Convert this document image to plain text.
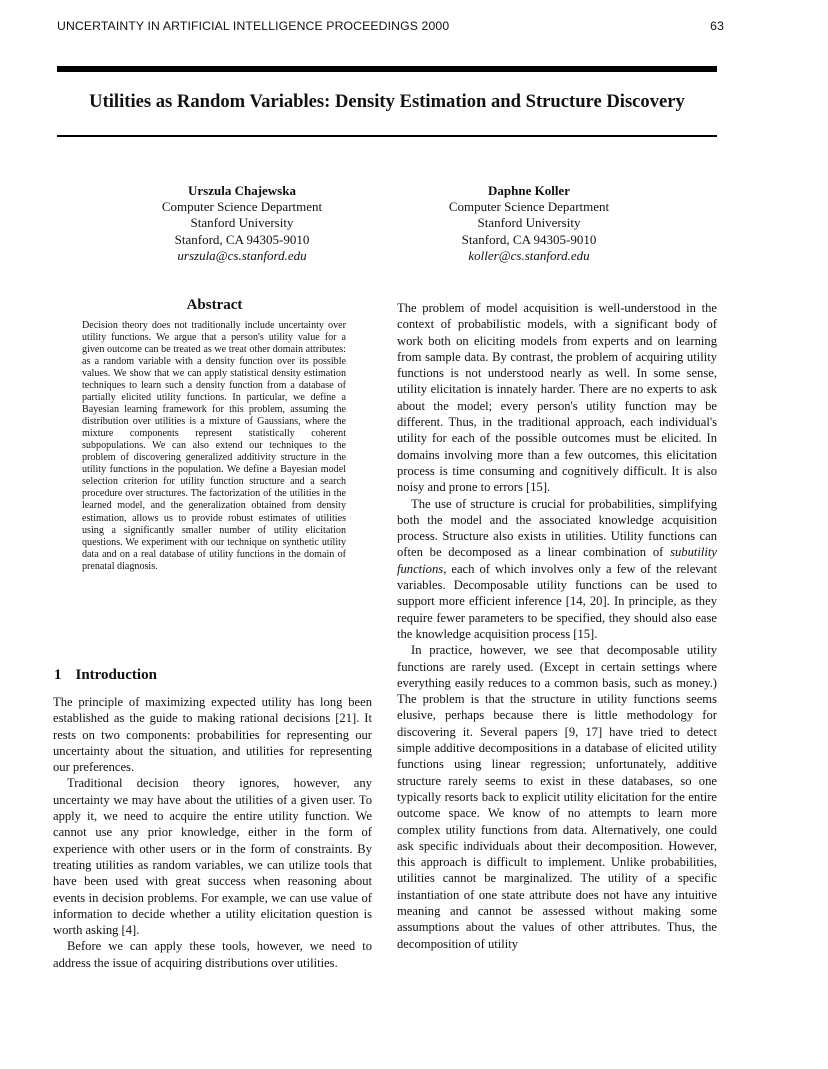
UNCERTAINTY IN ARTIFICIAL INTELLIGENCE PROCEEDINGS 2000	63
Utilities as Random Variables: Density Estimation and Structure Discovery
Urszula Chajewska
Computer Science Department
Stanford University
Stanford, CA 94305-9010
urszula@cs.stanford.edu
Daphne Koller
Computer Science Department
Stanford University
Stanford, CA 94305-9010
koller@cs.stanford.edu
Abstract

Decision theory does not traditionally include uncertainty over utility functions. We argue that a person's utility value for a given outcome can be treated as we treat other domain attributes: as a random variable with a density function over its possible values. We show that we can apply statistical density estimation techniques to learn such a density function from a database of partially elicited utility functions. In particular, we define a Bayesian learning framework for this problem, assuming the distribution over utilities is a mixture of Gaussians, where the mixture components represent statistically coherent subpopulations. We can also extend our techniques to the problem of discovering generalized additivity structure in the utility functions in the population. We define a Bayesian model selection criterion for utility function structure and a search procedure over structures. The factorization of the utilities in the learned model, and the generalization obtained from density estimation, allows us to provide robust estimates of utilities using a significantly smaller number of utility elicitation questions. We experiment with our technique on synthetic utility data and on a real database of utility functions in the domain of prenatal diagnosis.

1 Introduction

The principle of maximizing expected utility has long been established as the guide to making rational decisions [21]. It rests on two components: probabilities for representing our uncertainty about the situation, and utilities for representing our preferences.

Traditional decision theory ignores, however, any uncertainty we may have about the utilities of a given user. To apply it, we need to acquire the entire utility function. We cannot use any prior knowledge, either in the form of experience with other users or in the form of constraints. By treating utilities as random variables, we can utilize tools that have been used with great success when reasoning about events in decision problems. For example, we can use value of information to decide whether a utility elicitation question is worth asking [4].

Before we can apply these tools, however, we need to address the issue of acquiring distributions over utilities.

The problem of model acquisition is well-understood in the context of probabilistic models, with a significant body of work both on eliciting models from experts and on learning from sample data. By contrast, the problem of acquiring utility functions is not understood nearly as well. In some sense, utility elicitation is innately harder. There are no experts to ask about the model; every person's utility function may be different. Thus, in the traditional approach, each individual's utility for each of the possible outcomes must be elicited. In domains involving more than a few outcomes, this elicitation process is time consuming and cognitively difficult. It is also noisy and prone to errors [15].

The use of structure is crucial for probabilities, simplifying both the model and the associated knowledge acquisition process. Structure also exists in utilities. Utility functions can often be decomposed as a linear combination of subutility functions, each of which involves only a few of the relevant variables. Decomposable utility functions can be used to support more efficient inference [14, 20]. In principle, as they require fewer parameters to be specified, they should also ease the knowledge acquisition process [15].

In practice, however, we see that decomposable utility functions are rarely used. (Except in certain settings where everything easily reduces to a common basis, such as money.) The problem is that the structure in utility functions seems elusive, perhaps because there is little methodology for discovering it. Several papers [9, 17] have tried to detect simple additive decompositions in a database of elicited utility functions using linear regression; unfortunately, additive structure rarely seems to exist in these databases, so one typically resorts back to explicit utility elicitation for the entire outcome space. We know of no attempts to learn more complex utility functions from data. Alternatively, one could ask specific individuals about their decomposition. However, this approach is difficult to implement. Unlike probabilities, utilities cannot be marginalized. The utility of a specific instantiation of one state attribute does not have any intuitive meaning and cannot be assessed without making some assumptions about the values of other attributes. Thus, the decomposition of utility
